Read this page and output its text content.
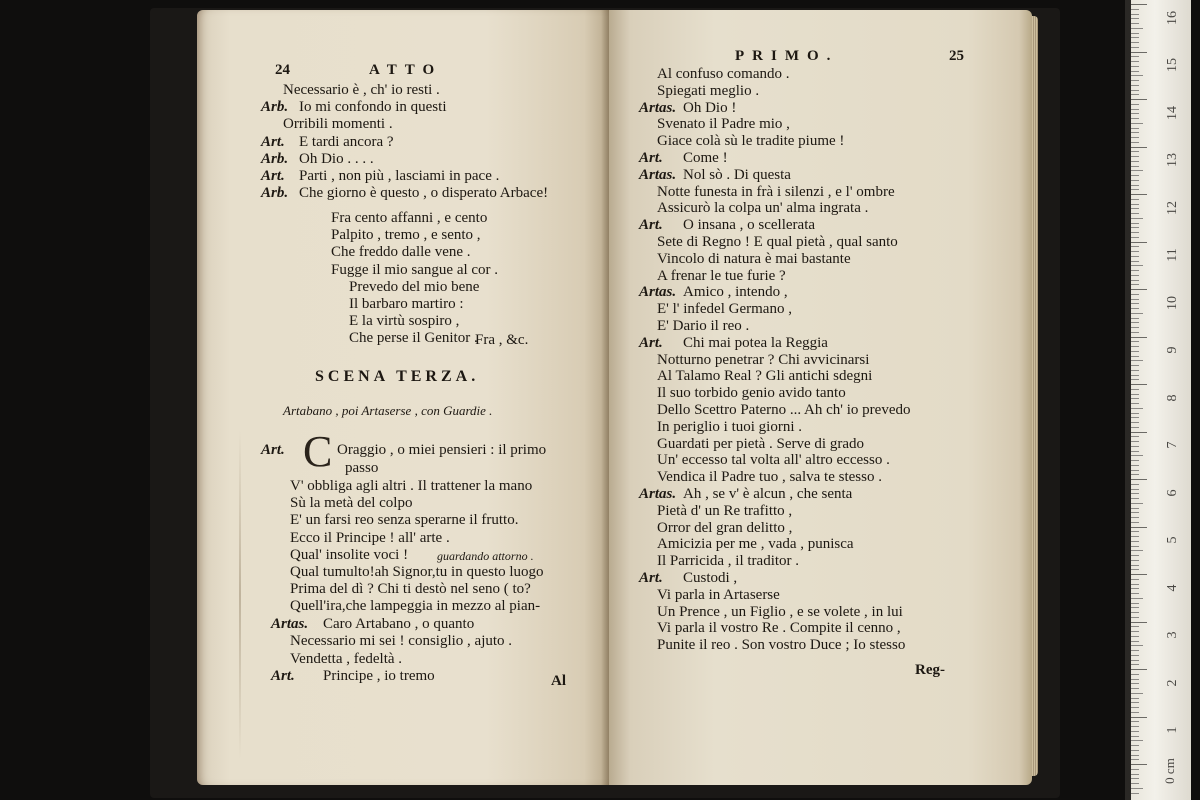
24	ATTO
Necessario è , ch' io resti .
Arb. Io mi confondo in questi
Orribili momenti .
Art. E tardi ancora ?
Arb. Oh Dio . . . .
Art. Parti , non più , lasciami in pace .
Arb. Che giorno è questo , o disperato Arbace!
Fra cento affanni , e cento
Palpito , tremo , e sento ,
Che freddo dalle vene .
Fugge il mio sangue al cor .
Prevedo del mio bene
Il barbaro martiro :
E la virtù sospiro ,
Che perse il Genitor .
Fra , &c.
SCENA TERZA.
Artabano , poi Artaserse , con Guardie .
Art. C Oraggio , o miei pensieri : il primo
passo
V' obbliga agli altri . Il trattener la mano
Sù la metà del colpo
E' un farsi reo senza sperarne il frutto.
Ecco il Principe ! all' arte .
Qual' insolite voci ! guardando attorno .
Qual tumulto!ah Signor,tu in questo luogo
Prima del dì ? Chi ti destò nel seno ( to?
Quell'ira,che lampeggia in mezzo al pian-
Artas. Caro Artabano , o quanto
Necessario mi sei ! consiglio , ajuto .
Vendetta , fedeltà .
Art. Principe , io tremo	Al
PRIMO.	25
Al confuso comando .
Spiegati meglio .
Artas. Oh Dio !
Svenato il Padre mio ,
Giace colà sù le tradite piume !
Art. Come !
Artas. Nol sò . Di questa
Notte funesta in frà i silenzi , e l' ombre
Assicurò la colpa un' alma ingrata .
Art. O insana , o scellerata
Sete di Regno ! E qual pietà , qual santo
Vincolo di natura è mai bastante
A frenar le tue furie ?
Artas. Amico , intendo ,
E' l' infedel Germano ,
E' Dario il reo .
Art. Chi mai potea la Reggia
Notturno penetrar ? Chi avvicinarsi
Al Talamo Real ? Gli antichi sdegni
Il suo torbido genio avido tanto
Dello Scettro Paterno ... Ah ch' io prevedo
In periglio i tuoi giorni .
Guardati per pietà . Serve di grado
Un' eccesso tal volta all' altro eccesso .
Vendica il Padre tuo , salva te stesso .
Artas. Ah , se v' è alcun , che senta
Pietà d' un Re trafitto ,
Orror del gran delitto ,
Amicizia per me , vada , punisca
Il Parricida , il traditor .
Art. Custodi ,
Vi parla in Artaserse
Un Prence , un Figlio , e se volete , in lui
Vi parla il vostro Re . Compite il cenno ,
Punite il reo . Son vostro Duce ; Io stesso
Reg-
0 cm
16
15
14
13
12
11
10
9
8
7
6
5
4
3
2
1
